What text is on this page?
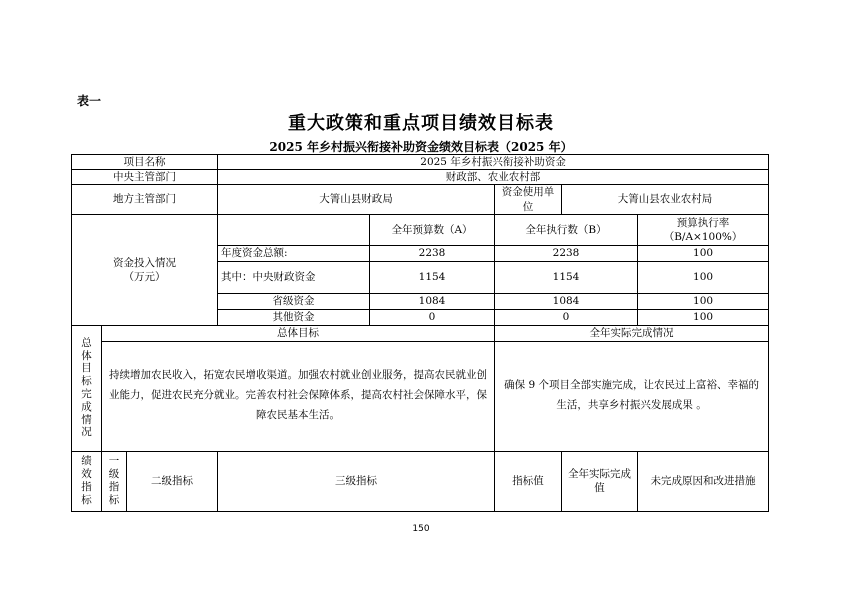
表一
重大政策和重点项目绩效目标表
2025 年乡村振兴衔接补助资金绩效目标表（2025 年）
项目名称			2025 年乡村振兴衔接补助资金				
中央主管部门			财政部、农业农村部				
地方主管部门			大箐山县财政局		资金使用单位	大箐山县农业农村局	
资金投入情况
（万元）				全年预算数（A）	全年执行数（B）		预算执行率（B/A×100%）
			年度资金总额:	2238	2238		100
			其中：中央财政资金	1154	1154		100
			省级资金	1084	1084		100
			其他资金	0	0		100
总体目标完成情况	总体目标				全年实际完成情况		
	持续增加农民收入，拓宽农民增收渠道。加强农村就业创业服务，提高农民就业创业能力，促进农民充分就业。完善农村社会保障体系，提高农村社会保障水平，保障农民基本生活。				确保 9 个项目全部实施完成，让农民过上富裕、幸福的生活，共享乡村振兴发展成果 。		
绩效指标	一级指标	二级指标	三级指标		指标值	全年实际完成值	未完成原因和改进措施
150
